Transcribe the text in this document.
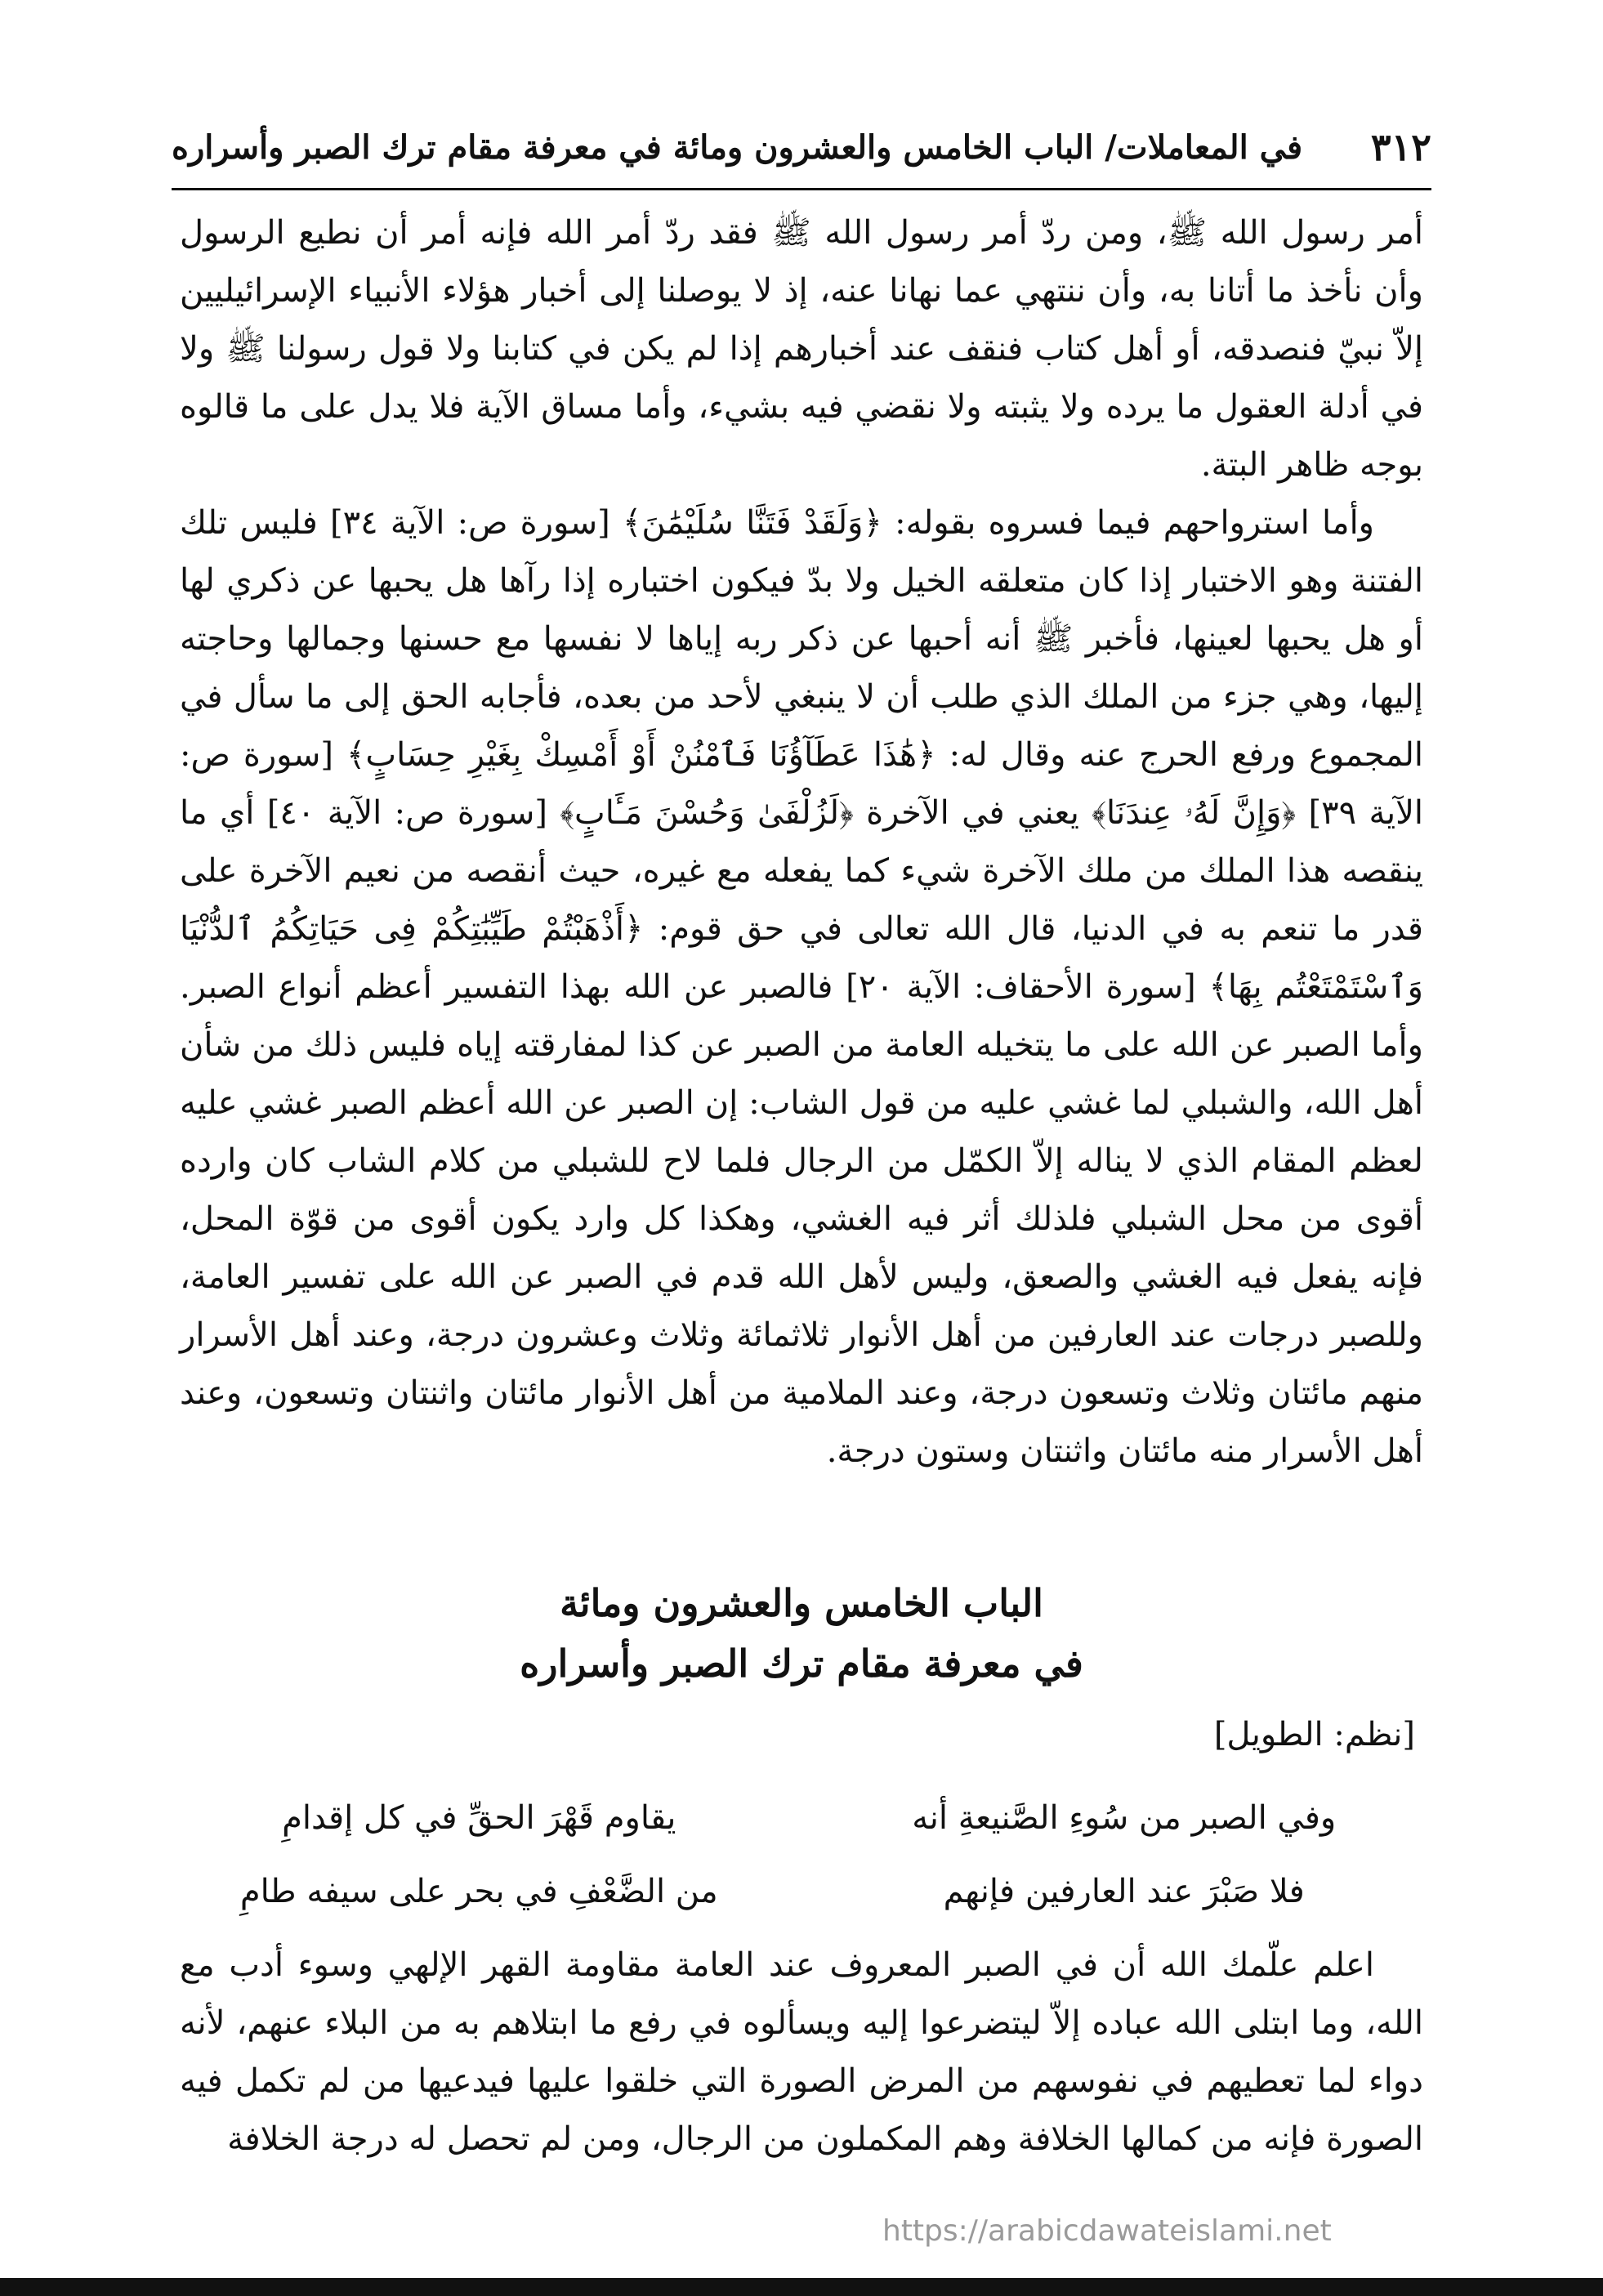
٣١٢
في المعاملات/ الباب الخامس والعشرون ومائة في معرفة مقام ترك الصبر وأسراره

أمر رسول الله ﷺ، ومن ردّ أمر رسول الله ﷺ فقد ردّ أمر الله فإنه أمر أن نطيع الرسول وأن نأخذ ما أتانا به، وأن ننتهي عما نهانا عنه، إذ لا يوصلنا إلى أخبار هؤلاء الأنبياء الإسرائيليين إلاّ نبيّ فنصدقه، أو أهل كتاب فنقف عند أخبارهم إذا لم يكن في كتابنا ولا قول رسولنا ﷺ ولا في أدلة العقول ما يرده ولا يثبته ولا نقضي فيه بشيء، وأما مساق الآية فلا يدل على ما قالوه بوجه ظاهر البتة.

وأما استرواحهم فيما فسروه بقوله: ﴿وَلَقَدْ فَتَنَّا سُلَيْمَٰنَ﴾ [سورة ص: الآية ٣٤] فليس تلك الفتنة وهو الاختبار إذا كان متعلقه الخيل ولا بدّ فيكون اختباره إذا رآها هل يحبها عن ذكري لها أو هل يحبها لعينها، فأخبر ﷺ أنه أحبها عن ذكر ربه إياها لا نفسها مع حسنها وجمالها وحاجته إليها، وهي جزء من الملك الذي طلب أن لا ينبغي لأحد من بعده، فأجابه الحق إلى ما سأل في المجموع ورفع الحرج عنه وقال له: ﴿هَٰذَا عَطَآؤُنَا فَٱمْنُنْ أَوْ أَمْسِكْ بِغَيْرِ حِسَابٍ﴾ [سورة ص: الآية ٣٩] ﴿وَإِنَّ لَهُۥ عِندَنَا﴾ يعني في الآخرة ﴿لَزُلْفَىٰ وَحُسْنَ مَـَٔابٍ﴾ [سورة ص: الآية ٤٠] أي ما ينقصه هذا الملك من ملك الآخرة شيء كما يفعله مع غيره، حيث أنقصه من نعيم الآخرة على قدر ما تنعم به في الدنيا، قال الله تعالى في حق قوم: ﴿أَذْهَبْتُمْ طَيِّبَٰتِكُمْ فِى حَيَاتِكُمُ ٱلدُّنْيَا وَٱسْتَمْتَعْتُم بِهَا﴾ [سورة الأحقاف: الآية ٢٠] فالصبر عن الله بهذا التفسير أعظم أنواع الصبر. وأما الصبر عن الله على ما يتخيله العامة من الصبر عن كذا لمفارقته إياه فليس ذلك من شأن أهل الله، والشبلي لما غشي عليه من قول الشاب: إن الصبر عن الله أعظم الصبر غشي عليه لعظم المقام الذي لا يناله إلاّ الكمّل من الرجال فلما لاح للشبلي من كلام الشاب كان وارده أقوى من محل الشبلي فلذلك أثر فيه الغشي، وهكذا كل وارد يكون أقوى من قوّة المحل، فإنه يفعل فيه الغشي والصعق، وليس لأهل الله قدم في الصبر عن الله على تفسير العامة، وللصبر درجات عند العارفين من أهل الأنوار ثلاثمائة وثلاث وعشرون درجة، وعند أهل الأسرار منهم مائتان وثلاث وتسعون درجة، وعند الملامية من أهل الأنوار مائتان واثنتان وتسعون، وعند أهل الأسرار منه مائتان واثنتان وستون درجة.

الباب الخامس والعشرون ومائة
في معرفة مقام ترك الصبر وأسراره
[نظم: الطويل]
وفي الصبر من سُوءِ الصَّنيعةِ أنه
يقاوم قَهْرَ الحقِّ في كل إقدامِ
فلا صَبْرَ عند العارفين فإنهم
من الضَّعْفِ في بحر على سيفه طامِ

اعلم علّمك الله أن في الصبر المعروف عند العامة مقاومة القهر الإلهي وسوء أدب مع الله، وما ابتلى الله عباده إلاّ ليتضرعوا إليه ويسألوه في رفع ما ابتلاهم به من البلاء عنهم، لأنه دواء لما تعطيهم في نفوسهم من المرض الصورة التي خلقوا عليها فيدعيها من لم تكمل فيه الصورة فإنه من كمالها الخلافة وهم المكملون من الرجال، ومن لم تحصل له درجة الخلافة

https://arabicdawateislami.net
